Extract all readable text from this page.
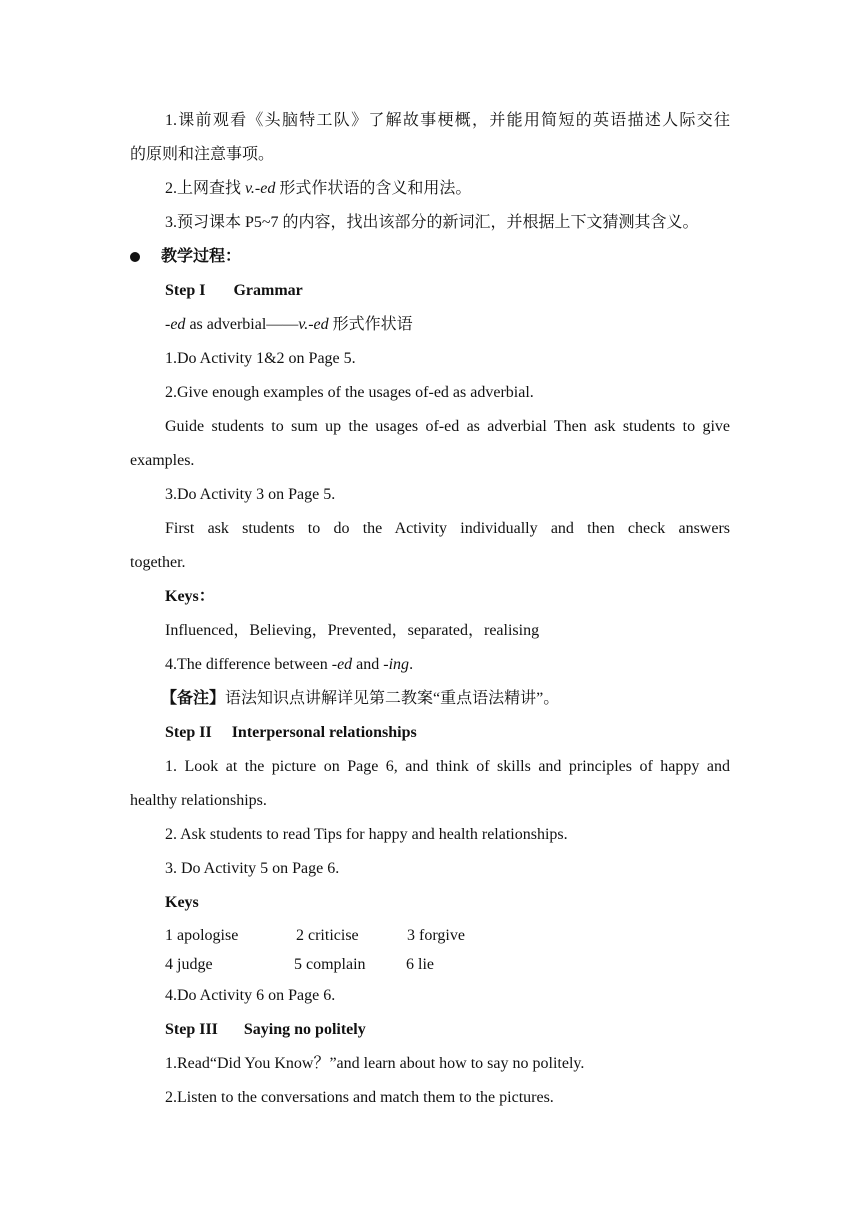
1.课前观看《头脑特工队》了解故事梗概，并能用简短的英语描述人际交往
的原则和注意事项。
2.上网查找 v.-ed 形式作状语的含义和用法。
3.预习课本 P5~7 的内容，找出该部分的新词汇，并根据上下文猜测其含义。
教学过程：
Step I Grammar
-ed as adverbial——v.-ed 形式作状语
1.Do Activity 1&2 on Page 5.
2.Give enough examples of the usages of-ed as adverbial.
Guide students to sum up the usages of-ed as adverbial Then ask students to give
examples.
3.Do Activity 3 on Page 5.
First ask students to do the Activity individually and then check answers
together.
Keys：
Influenced，Believing，Prevented，separated，realising
4.The difference between -ed and -ing.
【备注】语法知识点讲解详见第二教案“重点语法精讲”。
Step II Interpersonal relationships
1. Look at the picture on Page 6, and think of skills and principles of happy and
healthy relationships.
2. Ask students to read Tips for happy and health relationships.
3. Do Activity 5 on Page 6.
Keys
1 apologise	2 criticise	3 forgive
4 judge	5 complain	6 lie
4.Do Activity 6 on Page 6.
Step III Saying no politely
1.Read“Did You Know？”and learn about how to say no politely.
2.Listen to the conversations and match them to the pictures.
